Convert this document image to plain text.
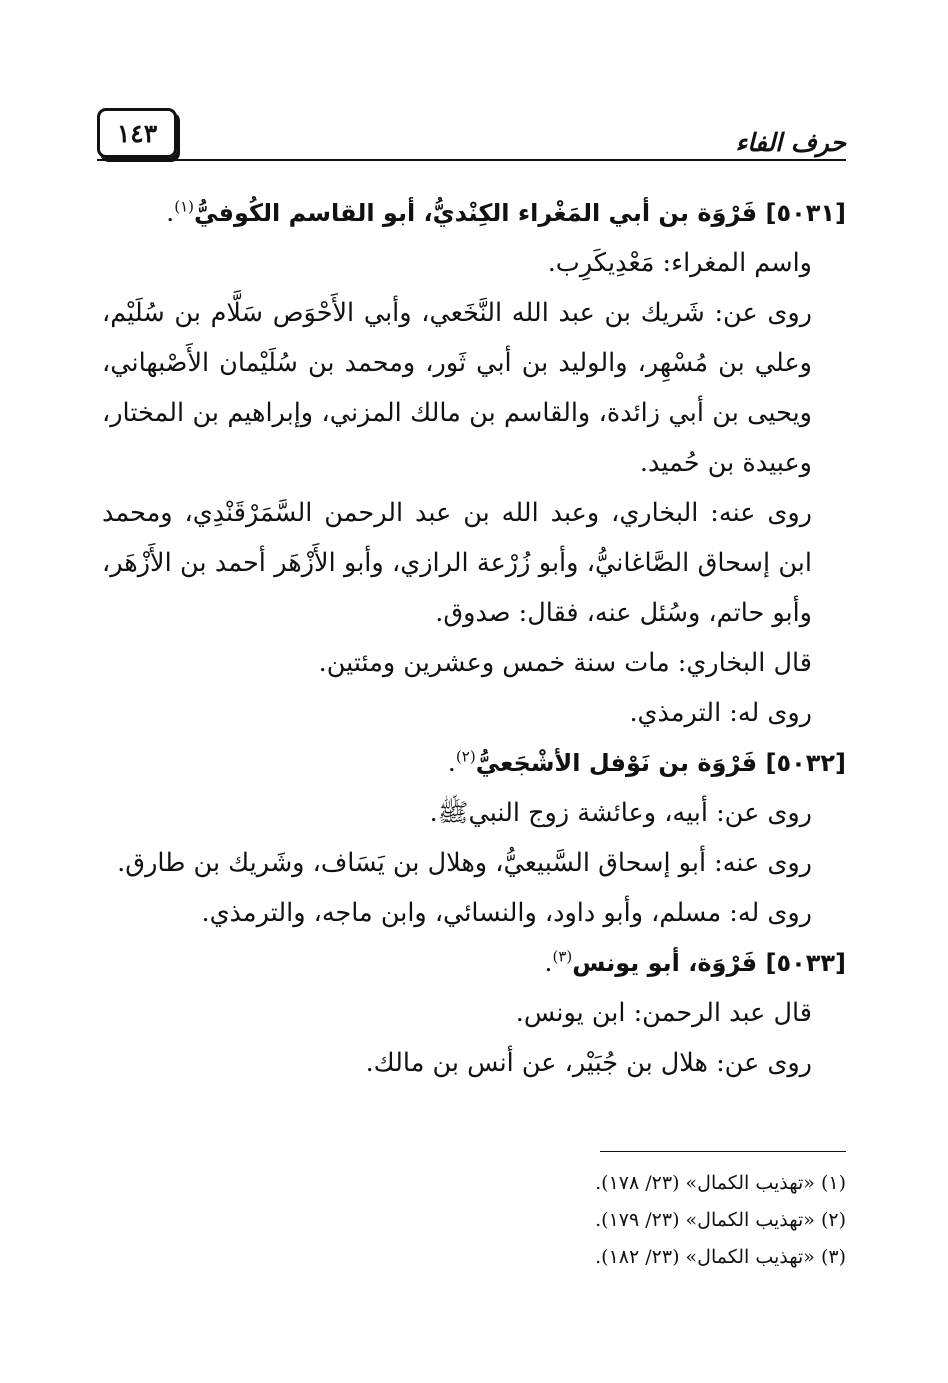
حرف الفاء
١٤٣

[٥٠٣١] فَرْوَة بن أبي المَغْراء الكِنْديُّ، أبو القاسم الكُوفيُّ$^{(١)}$.

واسم المغراء: مَعْدِيكَرِب.

روى عن: شَريك بن عبد الله النَّخَعي، وأبي الأَحْوَص سَلَّام بن سُلَيْم، وعلي بن مُسْهِر، والوليد بن أبي ثَور، ومحمد بن سُلَيْمان الأَصْبهاني، ويحيى بن أبي زائدة، والقاسم بن مالك المزني، وإبراهيم بن المختار، وعبيدة بن حُميد.

روى عنه: البخاري، وعبد الله بن عبد الرحمن السَّمَرْقَنْدِي، ومحمد ابن إسحاق الصَّاغانيُّ، وأبو زُرْعة الرازي، وأبو الأَزْهَر أحمد بن الأَزْهَر، وأبو حاتم، وسُئل عنه، فقال: صدوق.

قال البخاري: مات سنة خمس وعشرين ومئتين.

روى له: الترمذي.

[٥٠٣٢] فَرْوَة بن نَوْفل الأشْجَعيُّ$^{(٢)}$.

روى عن: أبيه، وعائشة زوج النبيﷺ.

روى عنه: أبو إسحاق السَّبيعيُّ، وهلال بن يَسَاف، وشَريك بن طارق.

روى له: مسلم، وأبو داود، والنسائي، وابن ماجه، والترمذي.

[٥٠٣٣] فَرْوَة، أبو يونس$^{(٣)}$.

قال عبد الرحمن: ابن يونس.

روى عن: هلال بن جُبَيْر، عن أنس بن مالك.

(١) «تهذيب الكمال» (٢٣/ ١٧٨).

(٢) «تهذيب الكمال» (٢٣/ ١٧٩).

(٣) «تهذيب الكمال» (٢٣/ ١٨٢).
